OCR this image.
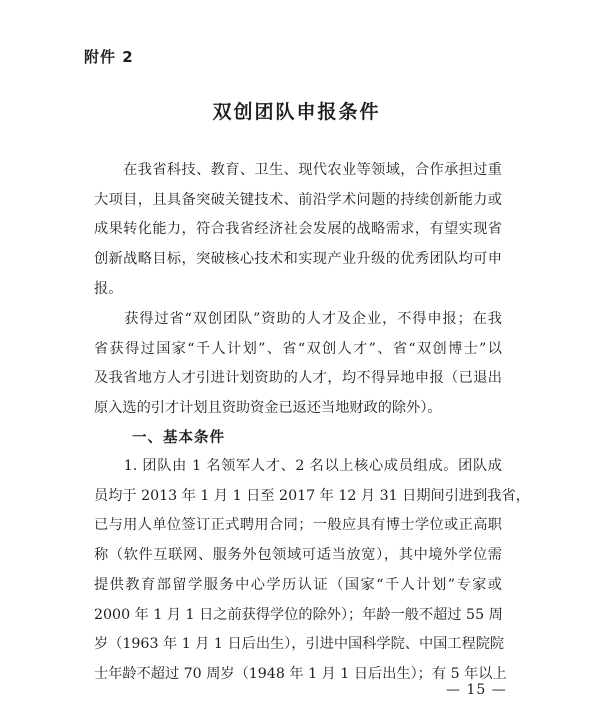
附件 2
双创团队申报条件
　　在我省科技、教育、卫生、现代农业等领域，合作承担过重
大项目，且具备突破关键技术、前沿学术问题的持续创新能力或
成果转化能力，符合我省经济社会发展的战略需求，有望实现省
创新战略目标，突破核心技术和实现产业升级的优秀团队均可申
报。
　　获得过省“双创团队”资助的人才及企业，不得申报；在我
省获得过国家“千人计划”、省“双创人才”、省“双创博士”以
及我省地方人才引进计划资助的人才，均不得异地申报（已退出
原入选的引才计划且资助资金已返还当地财政的除外）。
一、基本条件
　　1. 团队由 1 名领军人才、2 名以上核心成员组成。团队成
员均于 2013 年 1 月 1 日至 2017 年 12 月 31 日期间引进到我省，
已与用人单位签订正式聘用合同；一般应具有博士学位或正高职
称（软件互联网、服务外包领域可适当放宽），其中境外学位需
提供教育部留学服务中心学历认证（国家“千人计划”专家或
2000 年 1 月 1 日之前获得学位的除外）；年龄一般不超过 55 周
岁（1963 年 1 月 1 日后出生），引进中国科学院、中国工程院院
士年龄不超过 70 周岁（1948 年 1 月 1 日后出生）；有 5 年以上
— 15 —
